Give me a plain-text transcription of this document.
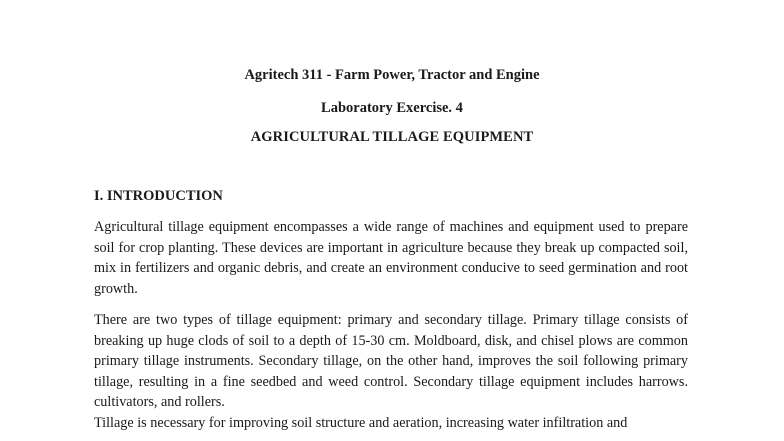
Agritech 311 - Farm Power, Tractor and Engine
Laboratory Exercise. 4
AGRICULTURAL TILLAGE EQUIPMENT
I. INTRODUCTION

Agricultural tillage equipment encompasses a wide range of machines and equipment used to prepare soil for crop planting. These devices are important in agriculture because they break up compacted soil, mix in fertilizers and organic debris, and create an environment conducive to seed germination and root growth.

There are two types of tillage equipment: primary and secondary tillage. Primary tillage consists of breaking up huge clods of soil to a depth of 15-30 cm. Moldboard, disk, and chisel plows are common primary tillage instruments. Secondary tillage, on the other hand, improves the soil following primary tillage, resulting in a fine seedbed and weed control. Secondary tillage equipment includes harrows. cultivators, and rollers.

Tillage is necessary for improving soil structure and aeration, increasing water infiltration and
